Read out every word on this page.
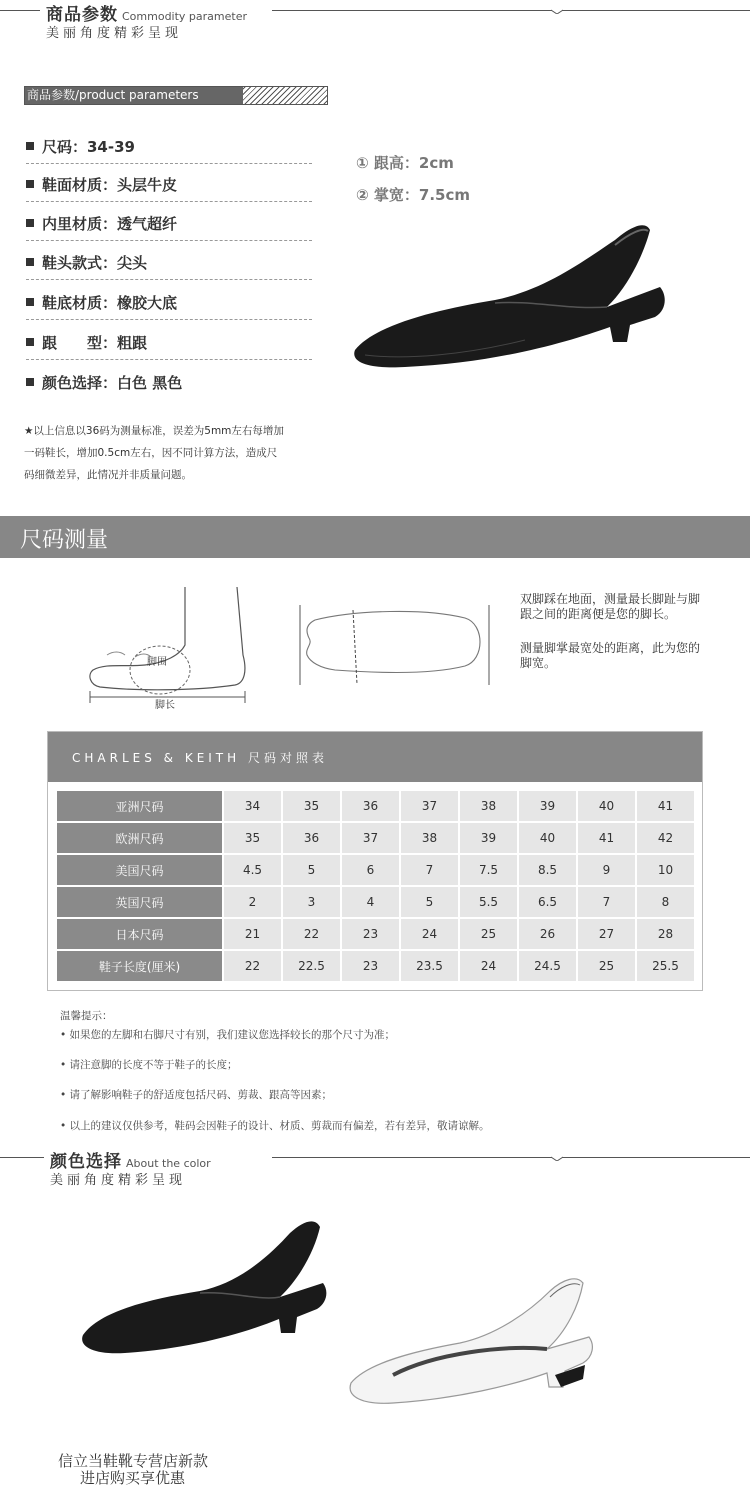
商品参数 Commodity parameter
美丽角度精彩呈现
商品参数/product parameters
尺码：34-39
鞋面材质：头层牛皮
内里材质：透气超纤
鞋头款式：尖头
鞋底材质：橡胶大底
跟　　型：粗跟
颜色选择：白色 黑色
① 跟高：2cm
② 掌宽：7.5cm
★以上信息以36码为测量标准，误差为5mm左右每增加
一码鞋长，增加0.5cm左右，因不同计算方法，造成尺
码细微差异，此情况并非质量问题。
尺码测量
脚围
脚长
双脚踩在地面，测量最长脚趾与脚
跟之间的距离便是您的脚长。
测量脚掌最宽处的距离，此为您的
脚宽。
CHARLES & KEITH 尺码对照表
亚洲尺码	34	35	36	37	38	39	40	41
欧洲尺码	35	36	37	38	39	40	41	42
美国尺码	4.5	5	6	7	7.5	8.5	9	10
英国尺码	2	3	4	5	5.5	6.5	7	8
日本尺码	21	22	23	24	25	26	27	28
鞋子长度(厘米)	22	22.5	23	23.5	24	24.5	25	25.5
温馨提示：
• 如果您的左脚和右脚尺寸有别，我们建议您选择较长的那个尺寸为准；
• 请注意脚的长度不等于鞋子的长度；
• 请了解影响鞋子的舒适度包括尺码、剪裁、跟高等因素；
• 以上的建议仅供参考，鞋码会因鞋子的设计、材质、剪裁而有偏差，若有差异，敬请谅解。
颜色选择 About the color
美丽角度精彩呈现
信立当鞋靴专营店新款
进店购买享优惠
